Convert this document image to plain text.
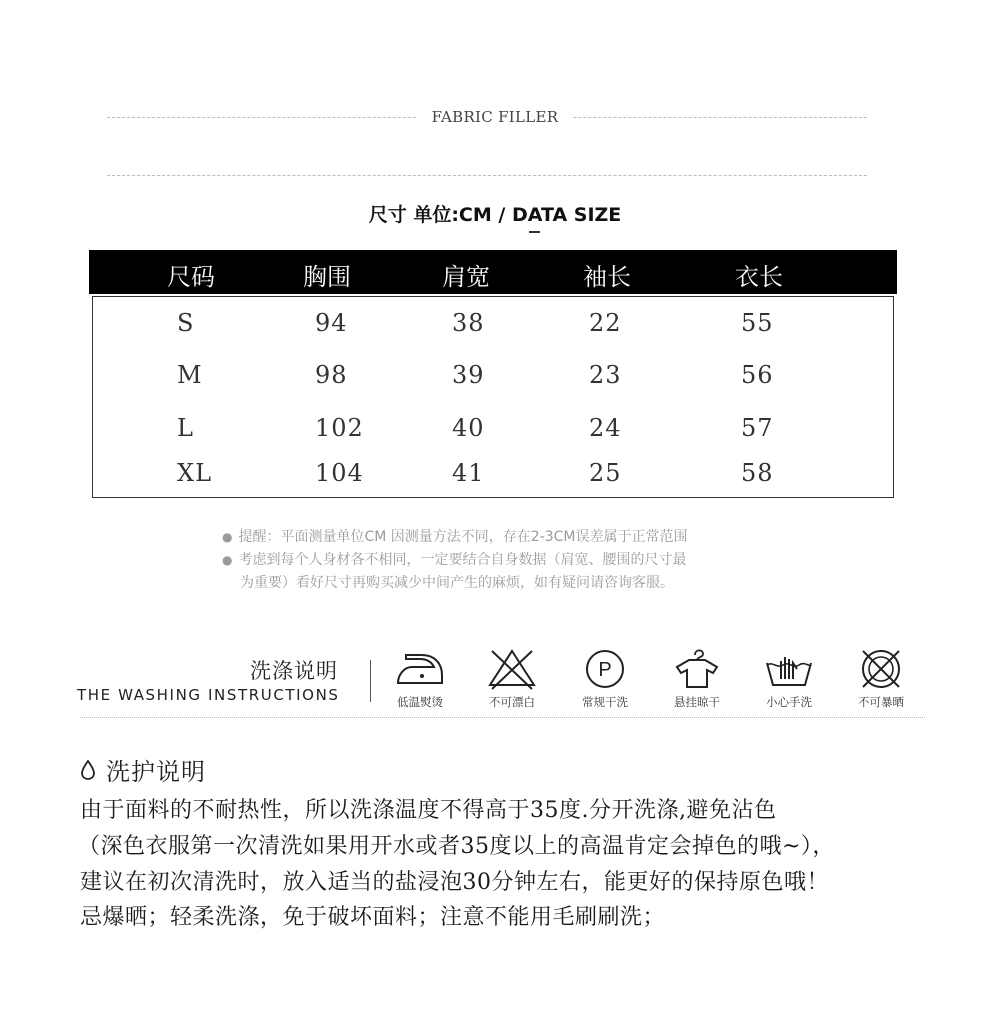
FABRIC FILLER
尺寸 单位:CM / DATA SIZE
尺码	胸围	肩宽	袖长	衣长
S	94	38	22	55
M	98	39	23	56
L	102	40	24	57
XL	104	41	25	58
● 提醒：平面测量单位CM 因测量方法不同，存在2-3CM误差属于正常范围
● 考虑到每个人身材各不相同，一定要结合自身数据（肩宽、腰围的尺寸最
为重要）看好尺寸再购买减少中间产生的麻烦，如有疑问请咨询客服。
洗涤说明
THE WASHING INSTRUCTIONS	低温熨烫	不可漂白
P
常规干洗	悬挂晾干	小心手洗	不可暴晒
洗护说明
由于面料的不耐热性，所以洗涤温度不得高于35度.分开洗涤,避免沾色
（深色衣服第一次清洗如果用开水或者35度以上的高温肯定会掉色的哦~），
建议在初次清洗时，放入适当的盐浸泡30分钟左右，能更好的保持原色哦！
忌爆晒；轻柔洗涤，免于破坏面料；注意不能用毛刷刷洗；
